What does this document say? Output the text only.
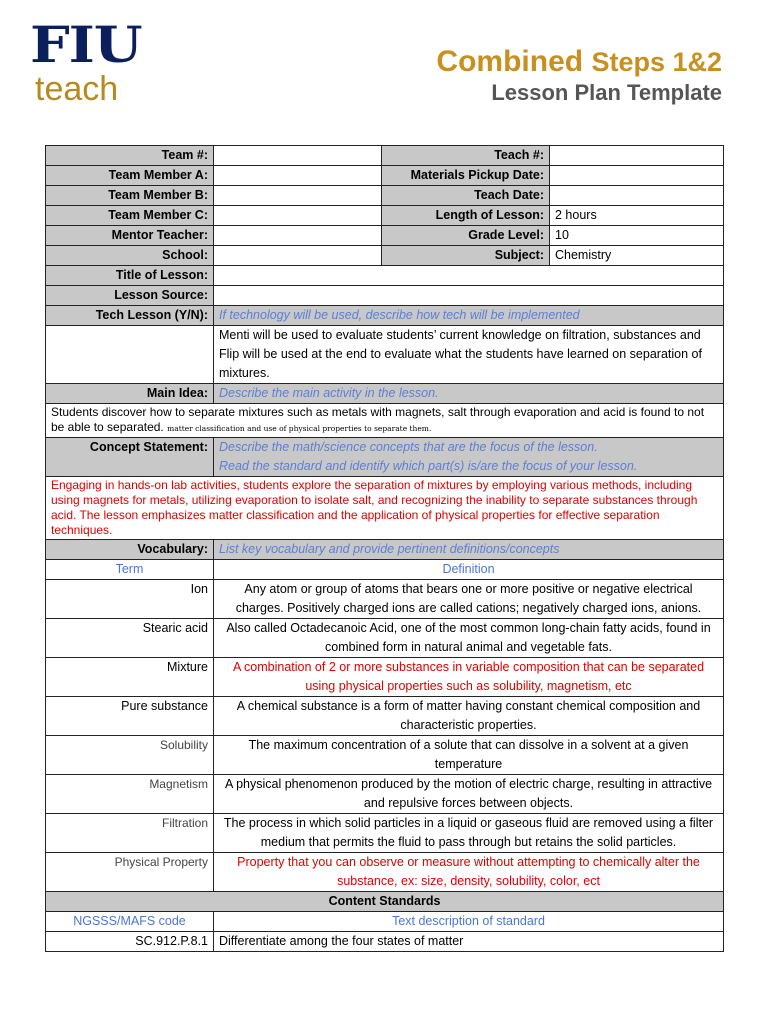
FIU
teach
Combined Steps 1&2
Lesson Plan Template
Team #:		Teach #:	
Team Member A:		Materials Pickup Date:	
Team Member B:		Teach Date:	
Team Member C:		Length of Lesson:	2 hours
Mentor Teacher:		Grade Level:	10
School:		Subject:	Chemistry
Title of Lesson:			
Lesson Source:			
Tech Lesson (Y/N):	If technology will be used, describe how tech will be implemented		
	Menti will be used to evaluate students’ current knowledge on filtration, substances and Flip will be used at the end to evaluate what the students have learned on separation of mixtures.		
Main Idea:	Describe the main activity in the lesson.		
Students discover how to separate mixtures such as metals with magnets, salt through evaporation and acid is found to not be able to separated. matter classification and use of physical properties to separate them.			
Concept Statement:	Describe the math/science concepts that are the focus of the lesson.
Read the standard and identify which part(s) is/are the focus of your lesson.		
Engaging in hands-on lab activities, students explore the separation of mixtures by employing various methods, including using magnets for metals, utilizing evaporation to isolate salt, and recognizing the inability to separate substances through acid. The lesson emphasizes matter classification and the application of physical properties for effective separation techniques.			
Vocabulary:	List key vocabulary and provide pertinent definitions/concepts		
Term	Definition		
Ion	Any atom or group of atoms that bears one or more positive or negative electrical charges. Positively charged ions are called cations; negatively charged ions, anions.		
Stearic acid	Also called Octadecanoic Acid, one of the most common long-chain fatty acids, found in combined form in natural animal and vegetable fats.		
Mixture	A combination of 2 or more substances in variable composition that can be separated using physical properties such as solubility, magnetism, etc		
Pure substance	A chemical substance is a form of matter having constant chemical composition and characteristic properties.		
Solubility	The maximum concentration of a solute that can dissolve in a solvent at a given temperature		
Magnetism	A physical phenomenon produced by the motion of electric charge, resulting in attractive and repulsive forces between objects.		
Filtration	The process in which solid particles in a liquid or gaseous fluid are removed using a filter medium that permits the fluid to pass through but retains the solid particles.		
Physical Property	Property that you can observe or measure without attempting to chemically alter the substance, ex: size, density, solubility, color, ect		
Content Standards			
NGSSS/MAFS code	Text description of standard		
SC.912.P.8.1	Differentiate among the four states of matter		
